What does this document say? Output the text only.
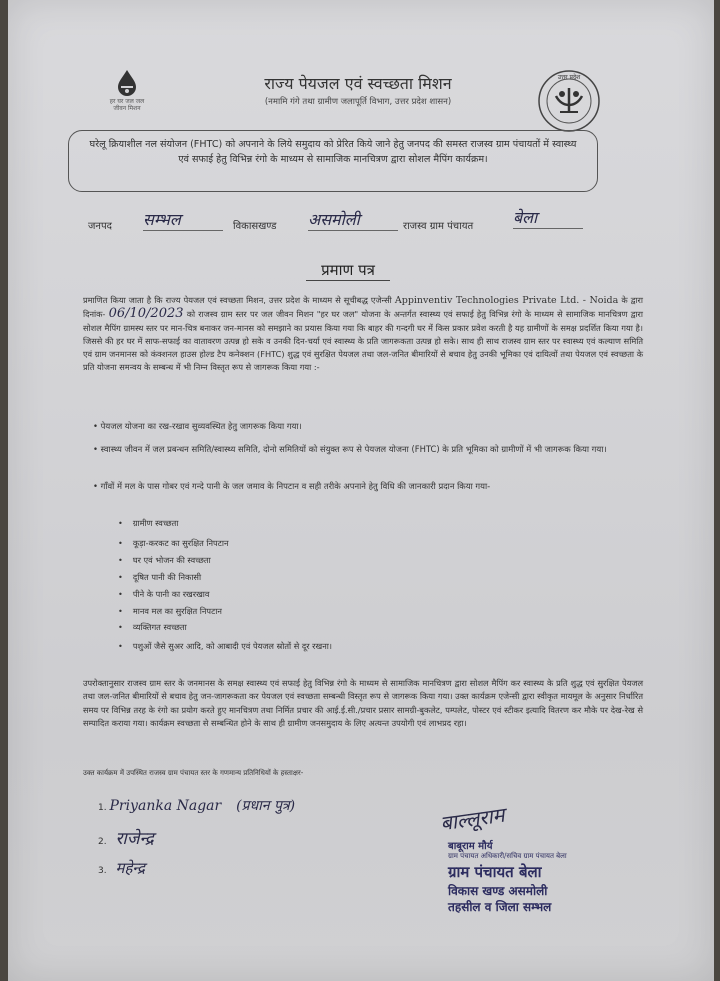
हर घर जल जल जीवन मिशन
राज्य पेयजल एवं स्वच्छता मिशन
(नमामि गंगे तथा ग्रामीण जलापूर्ति विभाग, उत्तर प्रदेश शासन)
उत्तर प्रदेश
घरेलू क्रियाशील नल संयोजन (FHTC) को अपनाने के लिये समुदाय को प्रेरित किये जाने हेतु जनपद की समस्त राजस्व ग्राम पंचायतों में स्वास्थ्य एवं सफाई हेतु विभिन्न रंगो के माध्यम से सामाजिक मानचित्रण द्वारा सोशल मैपिंग कार्यक्रम।
जनपद सम्भल	विकासखण्ड असमोली	राजस्व ग्राम पंचायत बेला
प्रमाण पत्र
प्रमाणित किया जाता है कि राज्य पेयजल एवं स्वच्छता मिशन, उत्तर प्रदेश के माध्यम से सूचीबद्ध एजेन्सी Appinventiv Technologies Private Ltd. - Noida के द्वारा दिनांक- 06/10/2023 को राजस्व ग्राम स्तर पर जल जीवन मिशन "हर घर जल" योजना के अन्तर्गत स्वास्थ्य एवं सफाई हेतु विभिन्न रंगो के माध्यम से सामाजिक मानचित्रण द्वारा सोशल मैपिंग ग्रामस्थ स्तर पर मान-चित्र बनाकर जन-मानस को समझाने का प्रयास किया गया कि बाहर की गन्दगी घर में किस प्रकार प्रवेश करती है यह ग्रामीणों के समक्ष प्रदर्शित किया गया है। जिससे की हर घर में साफ-सफाई का वातावरण उत्पन्न हो सके व उनकी दिन-चर्या एवं स्वास्थ्य के प्रति जागरूकता उत्पन्न हो सके। साथ ही साथ राजस्व ग्राम स्तर पर स्वास्थ्य एवं कल्याण समिति एवं ग्राम जनमानस को कंक्शनल हाउस होल्ड टैप कनेक्शन (FHTC) शुद्ध एवं सुरक्षित पेयजल तथा जल-जनित बीमारियों से बचाव हेतु उनकी भूमिका एवं दायित्वों तथा पेयजल एवं स्वच्छता के प्रति योजना समन्वय के सम्बन्ध में भी निम्न विस्तृत रूप से जागरूक किया गया :-
• पेयजल योजना का रख-रखाव सुव्यवस्थित हेतु जागरूक किया गया।
• स्वास्थ्य जीवन में जल प्रबन्धन समिति/स्वास्थ्य समिति, दोनो समितियों को संयुक्त रूप से पेयजल योजना (FHTC) के प्रति भूमिका को ग्रामीणों में भी जागरूक किया गया।
• गाँवों में मल के पास गोबर एवं गन्दे पानी के जल जमाव के निपटान व सही तरीके अपनाने हेतु विधि की जानकारी प्रदान किया गया-
• ग्रामीण स्वच्छता
• कूड़ा-करकट का सुरक्षित निपटान
• घर एवं भोजन की स्वच्छता
• दूषित पानी की निकासी
• पीने के पानी का रखरखाव
• मानव मल का सुरक्षित निपटान
• व्यक्तिगत स्वच्छता
• पशुओं जैसे सुअर आदि, को आबादी एवं पेयजल स्रोतों से दूर रखना।
उपरोक्तानुसार राजस्व ग्राम स्तर के जनमानस के समक्ष स्वास्थ्य एवं सफाई हेतु विभिन्न रंगो के माध्यम से सामाजिक मानचित्रण द्वारा सोशल मैपिंग कर स्वास्थ्य के प्रति शुद्ध एवं सुरक्षित पेयजल तथा जल-जनित बीमारियों से बचाव हेतु जन-जागरूकता कर पेयजल एवं स्वच्छता सम्बन्धी विस्तृत रूप से जागरूक किया गया। उक्त कार्यक्रम एजेन्सी द्वारा स्वीकृत मायमूल के अनुसार निर्धारित समय पर विभिन्न तरह के रंगो का प्रयोग करते हुए मानचित्रण तथा निर्मित प्रचार की आई.ई.सी./प्रचार प्रसार सामग्री-बुकलेट, पम्पलेट, पोस्टर एवं स्टीकर इत्यादि वितरण कर मौके पर देख-रेख से सम्पादित कराया गया। कार्यक्रम स्वच्छता से सम्बन्धित होने के साथ ही ग्रामीण जनसमुदाय के लिए अत्यन्त उपयोगी एवं लाभप्रद रहा।
उक्त कार्यक्रम में उपस्थित राजस्व ग्राम पंचायत स्तर के गणमान्य प्रतिनिधियों के हस्ताक्षर-
1. Priyanka Nagar (प्रधान पुत्र)
2. राजेन्द्र
3. महेन्द्र
बाल्लूराम
बाबूराम मौर्य
ग्राम पंचायत अधिकारी/सचिव ग्राम पंचायत बेला
ग्राम पंचायत बेला
विकास खण्ड असमोली
तहसील व जिला सम्भल
